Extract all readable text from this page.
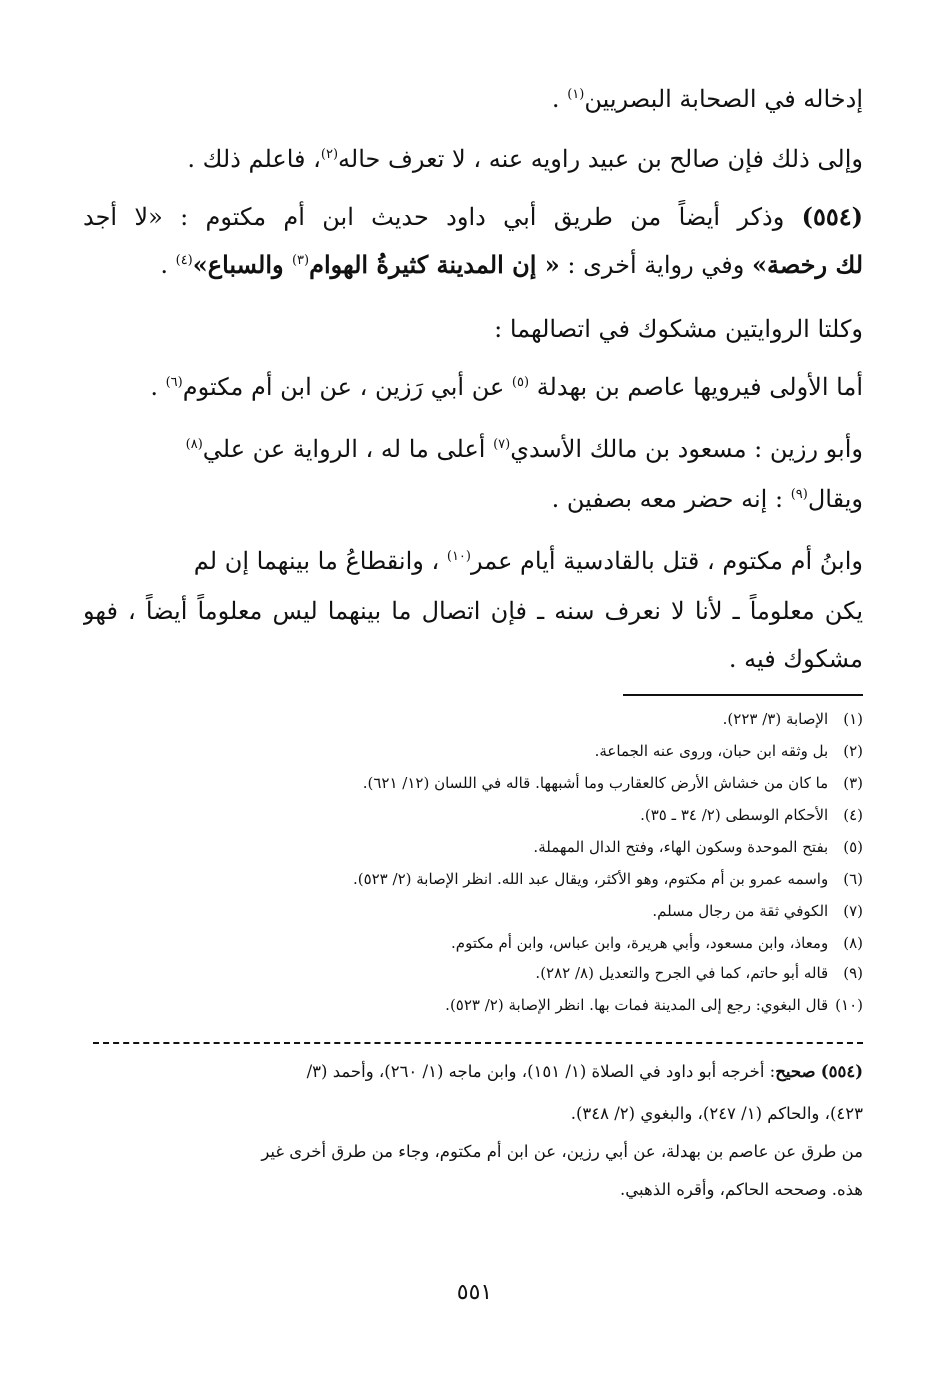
إدخاله في الصحابة البصريين$^{(١)}$ .
وإلى ذلك فإن صالح بن عبيد راويه عنه ، لا تعرف حاله$^{(٢)}$، فاعلم ذلك .
(٥٥٤) وذكر أيضاً من طريق أبي داود حديث ابن أم مكتوم : «لا أجد
لك رخصة» وفي رواية أخرى : « إن المدينة كثيرةُ الهوام$^{(٣)}$ والسباع»$^{(٤)}$ .
وكلتا الروايتين مشكوك في اتصالهما :
أما الأولى فيرويها عاصم بن بهدلة $^{(٥)}$ عن أبي رَزين ، عن ابن أم مكتوم$^{(٦)}$ .
وأبو رزين : مسعود بن مالك الأسدي$^{(٧)}$ أعلى ما له ، الرواية عن علي$^{(٨)}$
ويقال$^{(٩)}$ : إنه حضر معه بصفين .
وابنُ أم مكتوم ، قتل بالقادسية أيام عمر$^{(١٠)}$ ، وانقطاعُ ما بينهما إن لم
يكن معلوماً ـ لأنا لا نعرف سنه ـ فإن اتصال ما بينهما ليس معلوماً أيضاً ، فهو
مشكوك فيه .
(١) الإصابة (٣/ ٢٢٣).
(٢) بل وثقه ابن حبان، وروى عنه الجماعة.
(٣) ما كان من خشاش الأرض كالعقارب وما أشبهها. قاله في اللسان (١٢/ ٦٢١).
(٤) الأحكام الوسطى (٢/ ٣٤ ـ ٣٥).
(٥) بفتح الموحدة وسكون الهاء، وفتح الدال المهملة.
(٦) واسمه عمرو بن أم مكتوم، وهو الأكثر، ويقال عبد الله. انظر الإصابة (٢/ ٥٢٣).
(٧) الكوفي ثقة من رجال مسلم.
(٨) ومعاذ، وابن مسعود، وأبي هريرة، وابن عباس، وابن أم مكتوم.
(٩) قاله أبو حاتم، كما في الجرح والتعديل (٨/ ٢٨٢).
(١٠) قال البغوي: رجع إلى المدينة فمات بها. انظر الإصابة (٢/ ٥٢٣).
(٥٥٤) صحيح: أخرجه أبو داود في الصلاة (١/ ١٥١)، وابن ماجه (١/ ٢٦٠)، وأحمد (٣/
٤٢٣)، والحاكم (١/ ٢٤٧)، والبغوي (٢/ ٣٤٨).
من طرق عن عاصم بن بهدلة، عن أبي رزين، عن ابن أم مكتوم، وجاء من طرق أخرى غير
هذه. وصححه الحاكم، وأقره الذهبي.
٥٥١
